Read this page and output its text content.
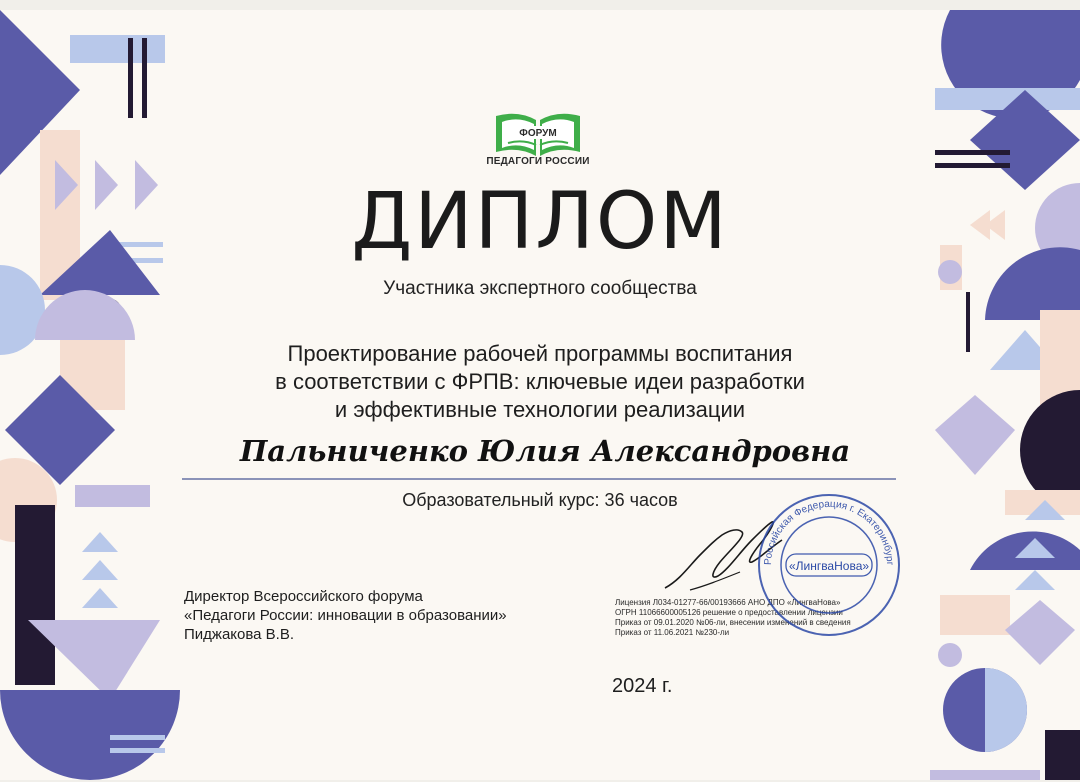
ФОРУМ
ПЕДАГОГИ РОССИИ
ДИПЛОМ
Участника экспертного сообщества
Проектирование рабочей программы воспитания
в соответствии с ФРПВ: ключевые идеи разработки
и эффективные технологии реализации
Пальниченко Юлия Александровна
Образовательный курс: 36 часов
Директор Всероссийского форума
«Педагоги России: инновации в образовании»
Пиджакова В.В.
Лицензия Л034-01277-66/00193666 АНО ДПО «ЛингваНова»
ОГРН 1106660000512​6 решение о предоставлении лицензии
Приказ от 09.01.2020 №06-ли, внесении изменений в сведения
Приказ от 11.06.2021 №230-ли
Российская Федерация г. Екатеринбург
«ЛингваНова»
2024 г.
